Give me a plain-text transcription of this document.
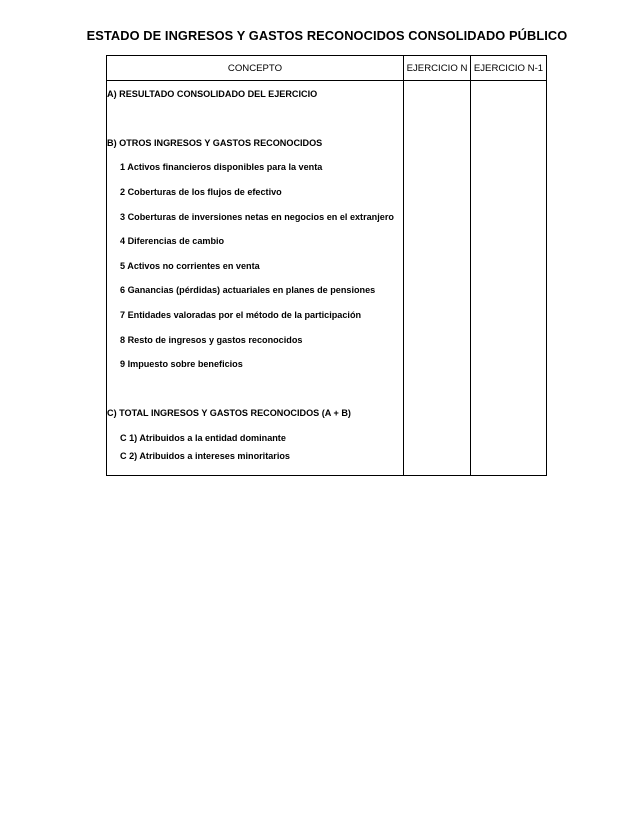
ESTADO DE INGRESOS Y GASTOS RECONOCIDOS CONSOLIDADO PÚBLICO
CONCEPTO	EJERCICIO N	EJERCICIO N-1
A) RESULTADO CONSOLIDADO DEL EJERCICIO		

B) OTROS INGRESOS Y GASTOS RECONOCIDOS		
1 Activos financieros disponibles para la venta		
2 Coberturas de los flujos de efectivo		
3 Coberturas de inversiones netas en negocios en el extranjero		
4 Diferencias de cambio		
5 Activos no corrientes en venta		
6 Ganancias (pérdidas) actuariales en planes de pensiones		
7 Entidades valoradas por el método de la participación		
8 Resto de ingresos y gastos reconocidos		
9 Impuesto sobre beneficios		

C) TOTAL INGRESOS Y GASTOS RECONOCIDOS (A + B)		
C 1) Atribuidos a la entidad dominante		
C 2) Atribuidos a intereses minoritarios		
